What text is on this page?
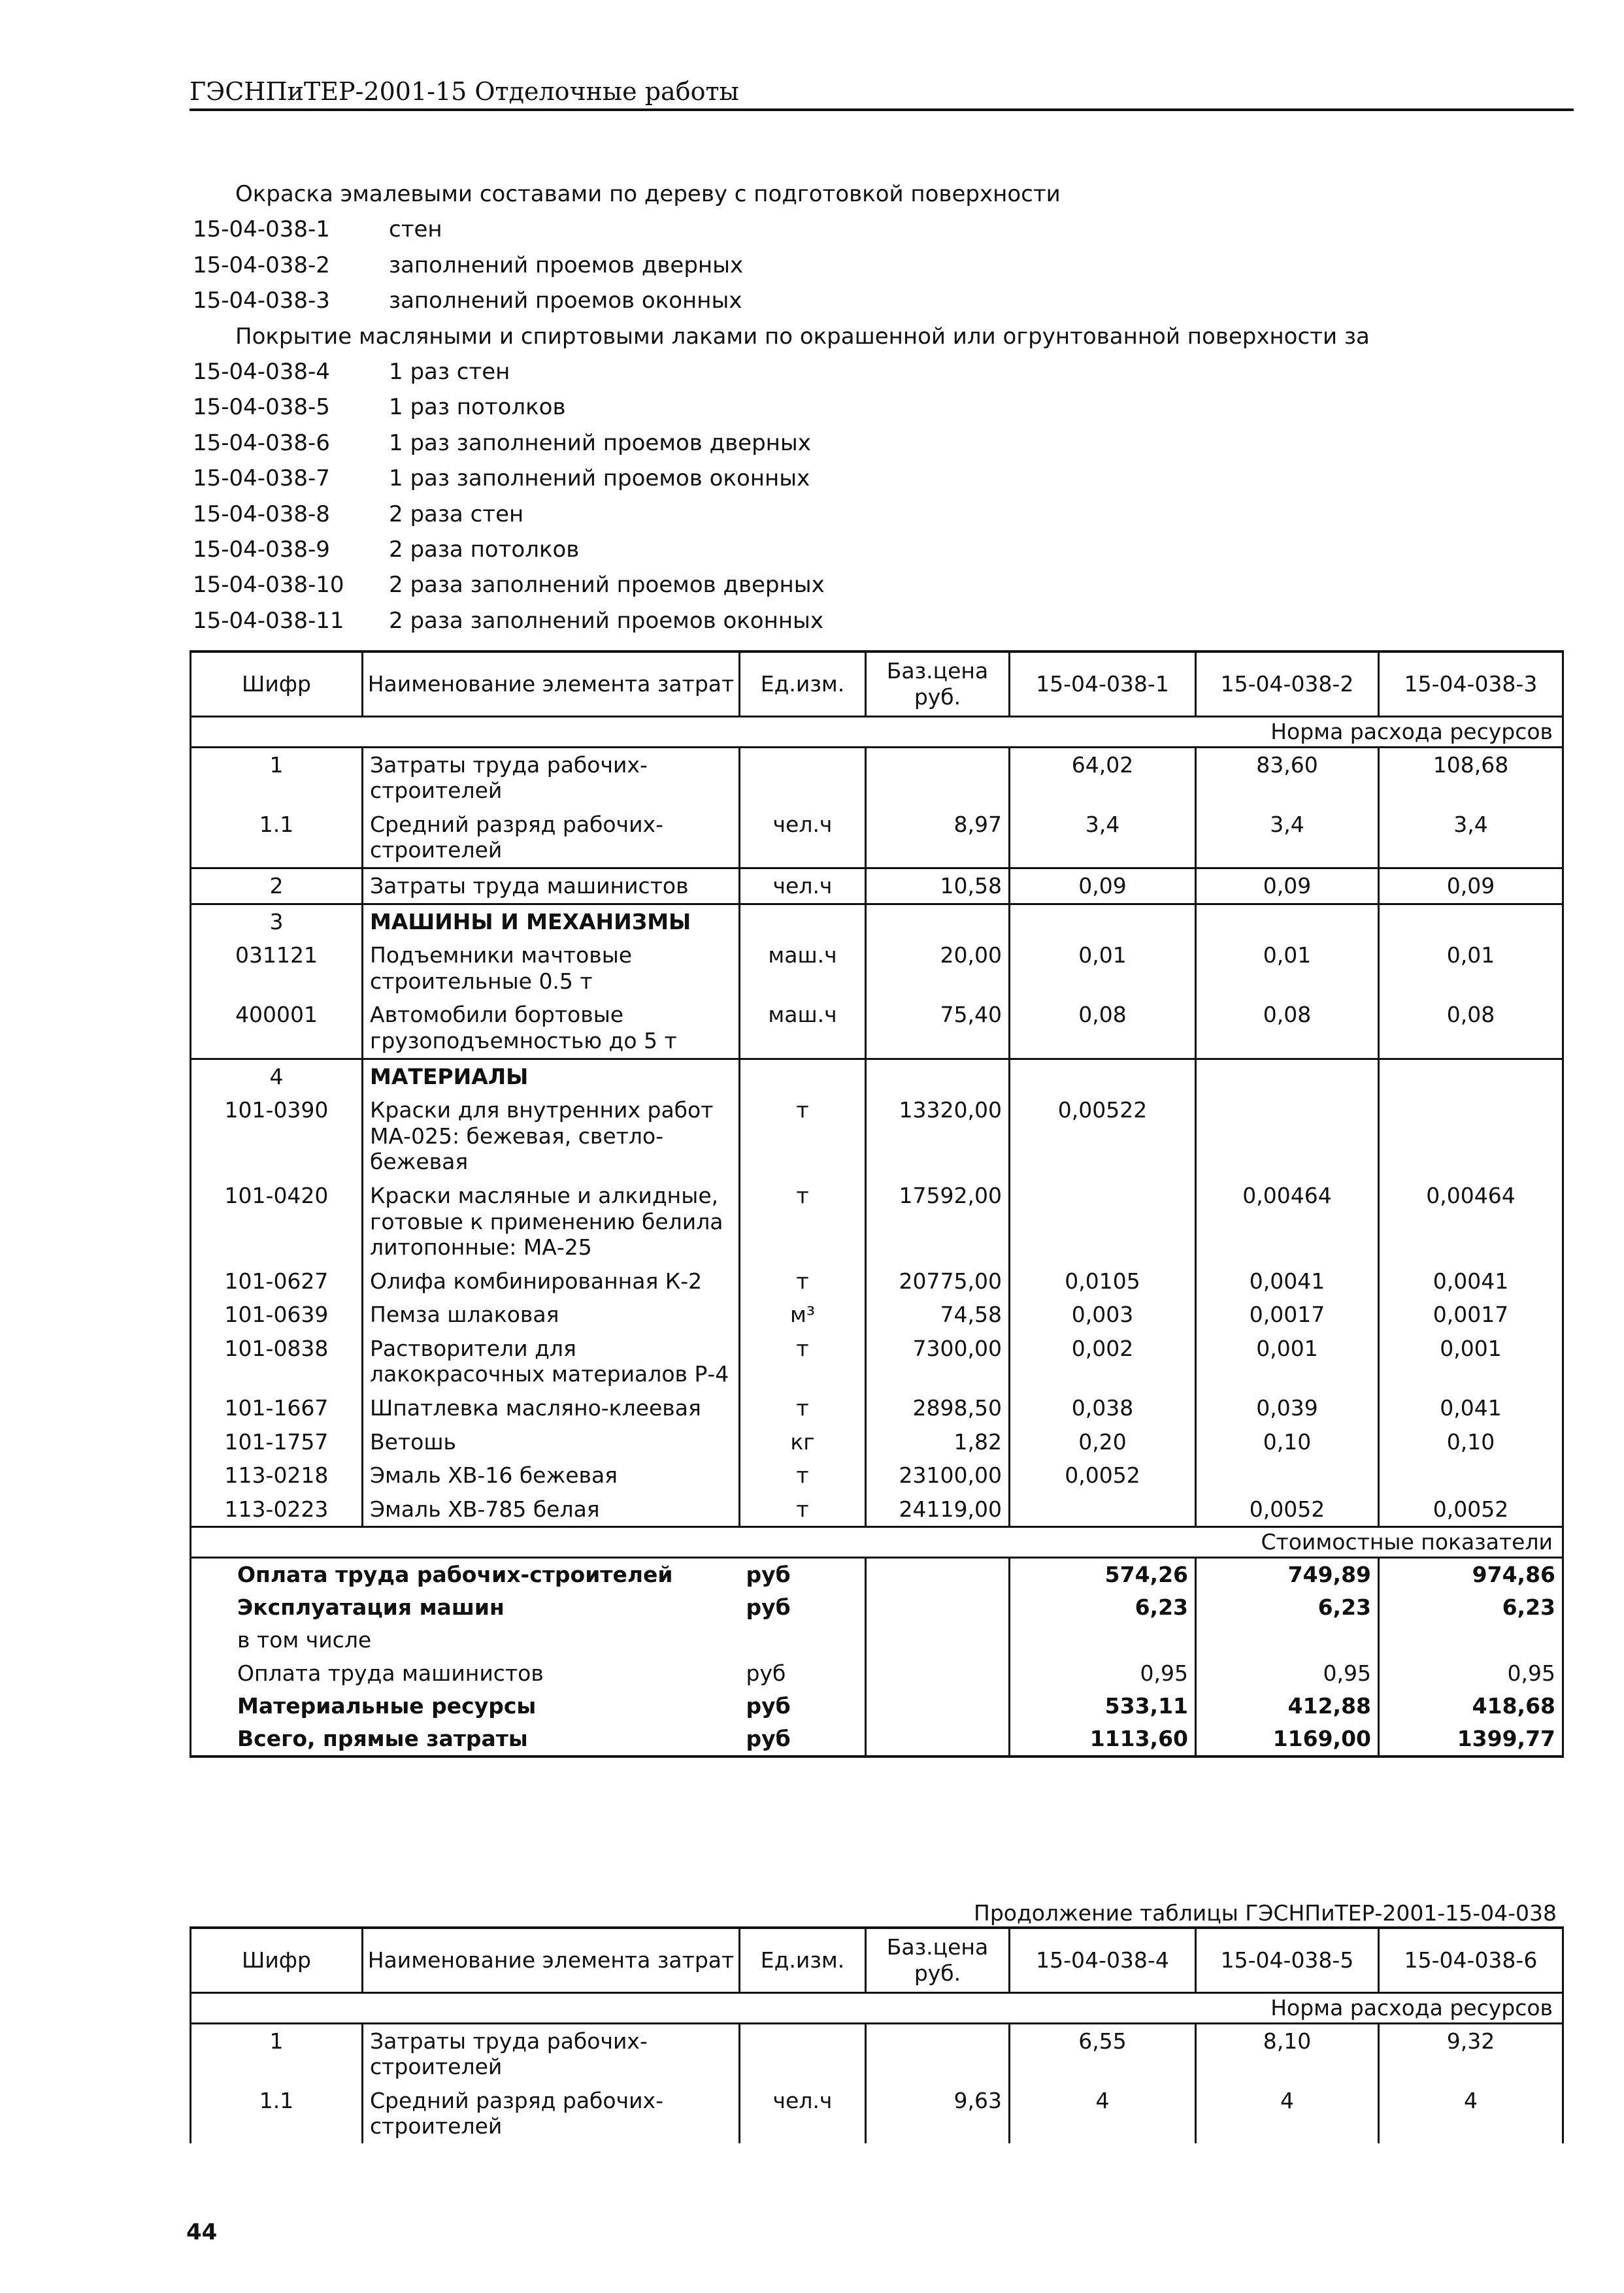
ГЭСНПиТЕР-2001-15 Отделочные работы
Окраска эмалевыми составами по дереву с подготовкой поверхности
15-04-038-1	стен
15-04-038-2	заполнений проемов дверных
15-04-038-3	заполнений проемов оконных
Покрытие масляными и спиртовыми лаками по окрашенной или огрунтованной поверхности за
15-04-038-4	1 раз стен
15-04-038-5	1 раз потолков
15-04-038-6	1 раз заполнений проемов дверных
15-04-038-7	1 раз заполнений проемов оконных
15-04-038-8	2 раза стен
15-04-038-9	2 раза потолков
15-04-038-10	2 раза заполнений проемов дверных
15-04-038-11	2 раза заполнений проемов оконных
Шифр	Наименование элемента затрат	Ед.изм.	Баз.цена руб.	15-04-038-1	15-04-038-2	15-04-038-3
Норма расхода ресурсов						
1	Затраты труда рабочих-строителей			64,02	83,60	108,68
1.1	Средний разряд рабочих-строителей	чел.ч	8,97	3,4	3,4	3,4
2	Затраты труда машинистов	чел.ч	10,58	0,09	0,09	0,09
3	МАШИНЫ И МЕХАНИЗМЫ					
031121	Подъемники мачтовые строительные 0.5 т	маш.ч	20,00	0,01	0,01	0,01
400001	Автомобили бортовые грузоподъемностью до 5 т	маш.ч	75,40	0,08	0,08	0,08
4	МАТЕРИАЛЫ					
101-0390	Краски для внутренних работ МА-025: бежевая, светло-бежевая	т	13320,00	0,00522		
101-0420	Краски масляные и алкидные, готовые к применению белила литопонные: МА-25	т	17592,00		0,00464	0,00464
101-0627	Олифа комбинированная К-2	т	20775,00	0,0105	0,0041	0,0041
101-0639	Пемза шлаковая	м³	74,58	0,003	0,0017	0,0017
101-0838	Растворители для лакокрасочных материалов Р-4	т	7300,00	0,002	0,001	0,001
101-1667	Шпатлевка масляно-клеевая	т	2898,50	0,038	0,039	0,041
101-1757	Ветошь	кг	1,82	0,20	0,10	0,10
113-0218	Эмаль ХВ-16 бежевая	т	23100,00	0,0052		
113-0223	Эмаль ХВ-785 белая	т	24119,00		0,0052	0,0052
Стоимостные показатели						
Оплата труда рабочих-строителей		руб		574,26	749,89	974,86
Эксплуатация машин		руб		6,23	6,23	6,23
в том числе						
Оплата труда машинистов		руб		0,95	0,95	0,95
Материальные ресурсы		руб		533,11	412,88	418,68
Всего, прямые затраты		руб		1113,60	1169,00	1399,77
Продолжение таблицы ГЭСНПиТЕР-2001-15-04-038
Шифр	Наименование элемента затрат	Ед.изм.	Баз.цена руб.	15-04-038-4	15-04-038-5	15-04-038-6
Норма расхода ресурсов						
1	Затраты труда рабочих-строителей			6,55	8,10	9,32
1.1	Средний разряд рабочих-строителей	чел.ч	9,63	4	4	4
44
